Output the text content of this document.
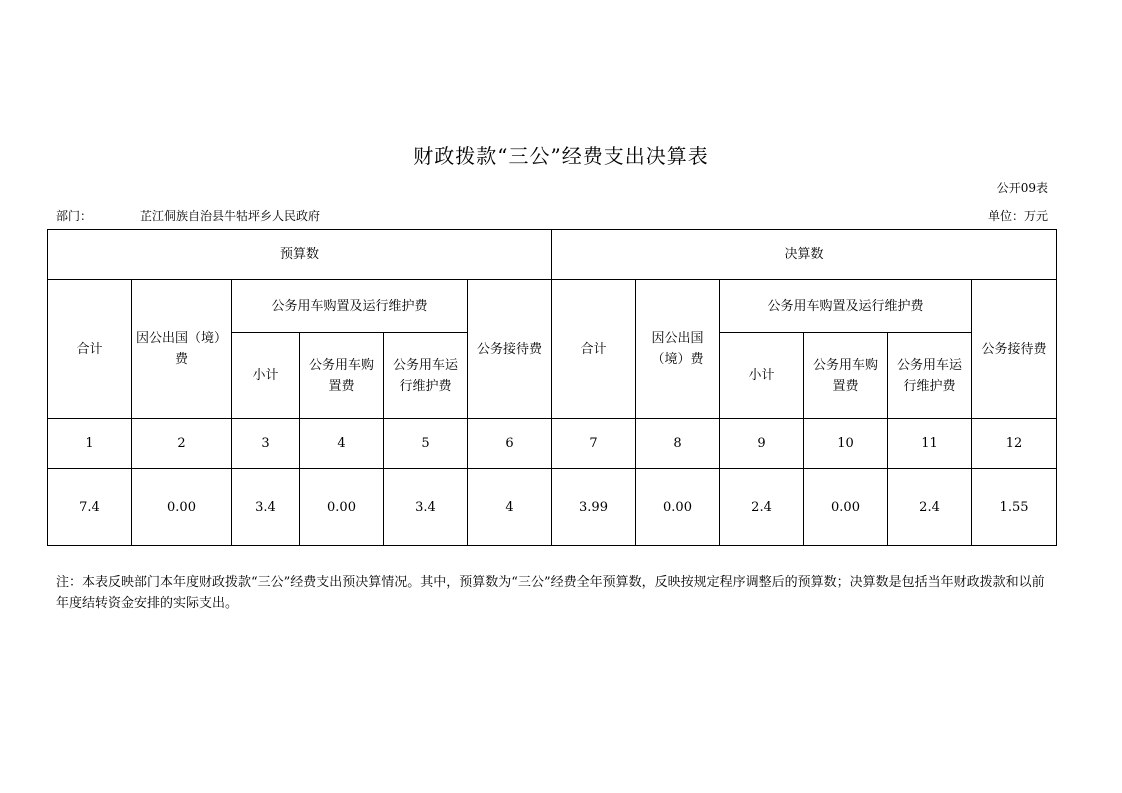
财政拨款“三公”经费支出决算表
公开09表
部门：	芷江侗族自治县牛牯坪乡人民政府	单位：万元
预算数						决算数					
合计	因公出国（境）费	公务用车购置及运行维护费			公务接待费	合计	因公出国（境）费	公务用车购置及运行维护费			公务接待费
		小计	公务用车购置费	公务用车运行维护费				小计	公务用车购置费	公务用车运行维护费	
1	2	3	4	5	6	7	8	9	10	11	12
7.4	0.00	3.4	0.00	3.4	4	3.99	0.00	2.4	0.00	2.4	1.55
注：本表反映部门本年度财政拨款“三公”经费支出预决算情况。其中，预算数为“三公”经费全年预算数，反映按规定程序调整后的预算数；决算数是包括当年财政拨款和以前年度结转资金安排的实际支出。
